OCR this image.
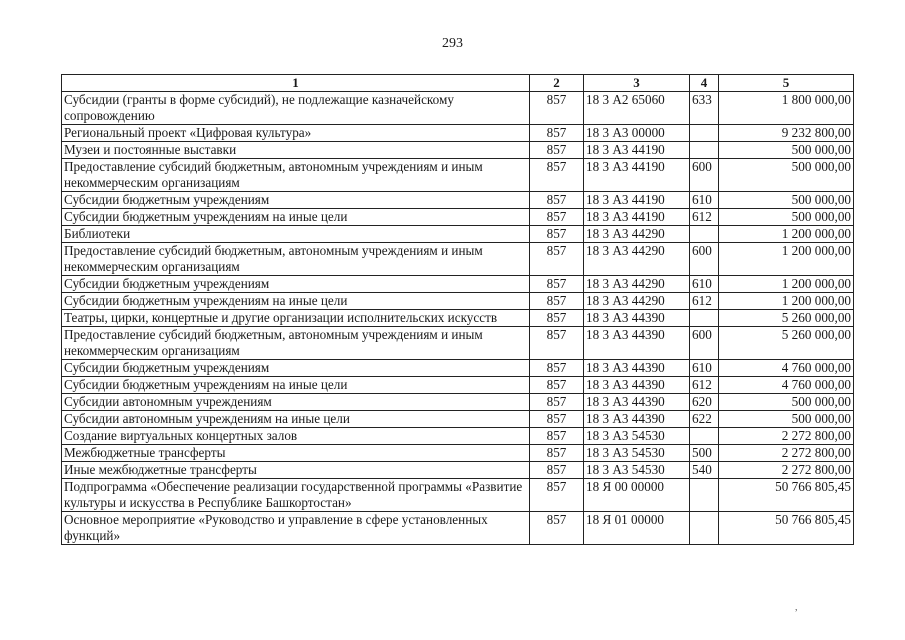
293
1	2	3	4	5
Субсидии (гранты в форме субсидий), не подлежащие казначейскому сопровождению	857	18 3 А2 65060	633	1 800 000,00
Региональный проект «Цифровая культура»	857	18 3 А3 00000		9 232 800,00
Музеи и постоянные выставки	857	18 3 А3 44190		500 000,00
Предоставление субсидий бюджетным, автономным учреждениям и иным некоммерческим организациям	857	18 3 А3 44190	600	500 000,00
Субсидии бюджетным учреждениям	857	18 3 А3 44190	610	500 000,00
Субсидии бюджетным учреждениям на иные цели	857	18 3 А3 44190	612	500 000,00
Библиотеки	857	18 3 А3 44290		1 200 000,00
Предоставление субсидий бюджетным, автономным учреждениям и иным некоммерческим организациям	857	18 3 А3 44290	600	1 200 000,00
Субсидии бюджетным учреждениям	857	18 3 А3 44290	610	1 200 000,00
Субсидии бюджетным учреждениям на иные цели	857	18 3 А3 44290	612	1 200 000,00
Театры, цирки, концертные и другие организации исполнительских искусств	857	18 3 А3 44390		5 260 000,00
Предоставление субсидий бюджетным, автономным учреждениям и иным некоммерческим организациям	857	18 3 А3 44390	600	5 260 000,00
Субсидии бюджетным учреждениям	857	18 3 А3 44390	610	4 760 000,00
Субсидии бюджетным учреждениям на иные цели	857	18 3 А3 44390	612	4 760 000,00
Субсидии автономным учреждениям	857	18 3 А3 44390	620	500 000,00
Субсидии автономным учреждениям на иные цели	857	18 3 А3 44390	622	500 000,00
Создание виртуальных концертных залов	857	18 3 А3 54530		2 272 800,00
Межбюджетные трансферты	857	18 3 А3 54530	500	2 272 800,00
Иные межбюджетные трансферты	857	18 3 А3 54530	540	2 272 800,00
Подпрограмма «Обеспечение реализации государственной программы «Развитие культуры и искусства в Республике Башкортостан»	857	18 Я 00 00000		50 766 805,45
Основное мероприятие «Руководство и управление в сфере установленных функций»	857	18 Я 01 00000		50 766 805,45
,
